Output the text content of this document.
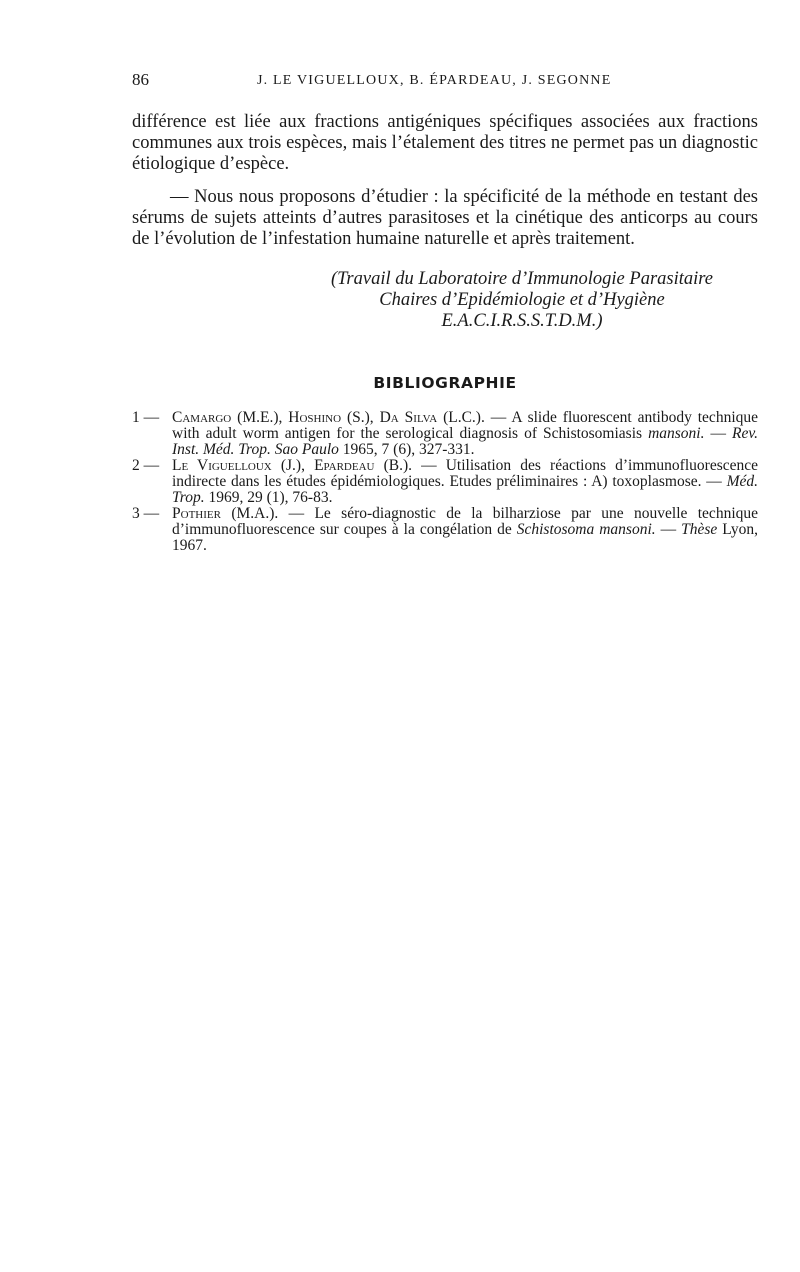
86	J. LE VIGUELLOUX, B. ÉPARDEAU, J. SEGONNE

différence est liée aux fractions antigéniques spécifiques associées aux fractions communes aux trois espèces, mais l’étalement des titres ne permet pas un diagnostic étiologique d’espèce.

— Nous nous proposons d’étudier : la spécificité de la méthode en testant des sérums de sujets atteints d’autres parasitoses et la cinétique des anticorps au cours de l’évolution de l’infestation humaine naturelle et après traitement.

(Travail du Laboratoire d’Immunologie Parasitaire
Chaires d’Epidémiologie et d’Hygiène
E.A.C.I.R.S.S.T.D.M.)
BIBLIOGRAPHIE
1 — Camargo (M.E.), Hoshino (S.), Da Silva (L.C.). — A slide fluorescent antibody technique with adult worm antigen for the serological diagnosis of Schistosomiasis mansoni. — Rev. Inst. Méd. Trop. Sao Paulo 1965, 7 (6), 327-331.
2 — Le Viguelloux (J.), Epardeau (B.). — Utilisation des réactions d’immunofluorescence indirecte dans les études épidémiologiques. Etudes préliminaires : A) toxoplasmose. — Méd. Trop. 1969, 29 (1), 76-83.
3 — Pothier (M.A.). — Le séro-diagnostic de la bilharziose par une nouvelle technique d’immunofluorescence sur coupes à la congélation de Schistosoma mansoni. — Thèse Lyon, 1967.
